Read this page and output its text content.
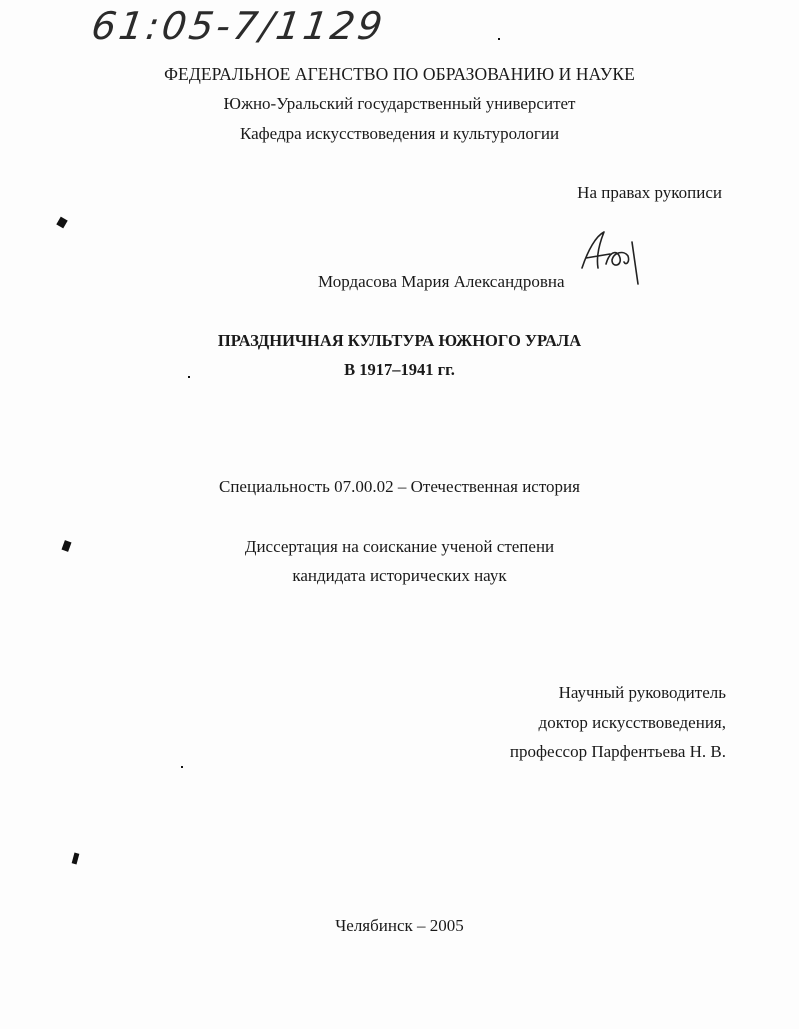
61:05-7/1129
ФЕДЕРАЛЬНОЕ АГЕНСТВО ПО ОБРАЗОВАНИЮ И НАУКЕ
Южно-Уральский государственный университет
Кафедра искусствоведения и культурологии
На правах рукописи
Мордасова Мария Александровна
ПРАЗДНИЧНАЯ КУЛЬТУРА ЮЖНОГО УРАЛА
В 1917–1941 гг.
Специальность 07.00.02 – Отечественная история
Диссертация на соискание ученой степени
кандидата исторических наук
Научный руководитель
доктор искусствоведения,
профессор Парфентьева Н. В.
Челябинск – 2005
